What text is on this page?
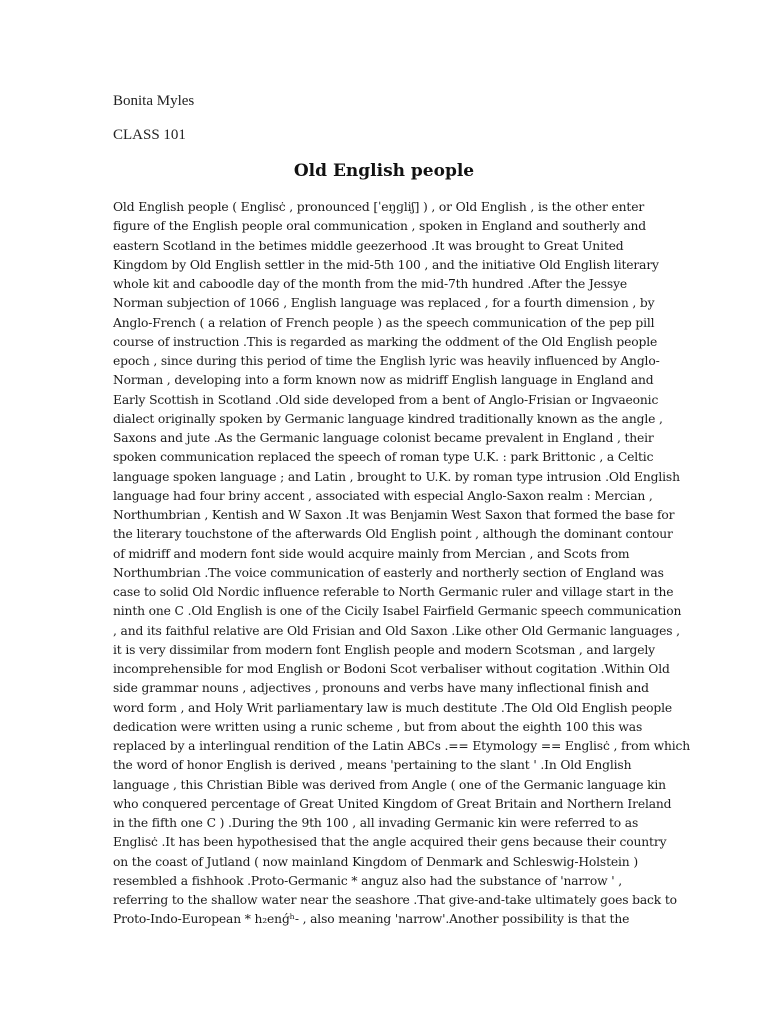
Bonita Myles

CLASS 101

Old English people
Old English people ( Englisċ , pronounced [ˈeŋɡliʃ] ) , or Old English , is the other enter
figure of the English people oral communication , spoken in England and southerly and
eastern Scotland in the betimes middle geezerhood .It was brought to Great United
Kingdom by Old English settler in the mid-5th 100 , and the initiative Old English literary
whole kit and caboodle day of the month from the mid-7th hundred .After the Jessye
Norman subjection of 1066 , English language was replaced , for a fourth dimension , by
Anglo-French ( a relation of French people ) as the speech communication of the pep pill
course of instruction .This is regarded as marking the oddment of the Old English people
epoch , since during this period of time the English lyric was heavily influenced by Anglo-
Norman , developing into a form known now as midriff English language in England and
Early Scottish in Scotland .Old side developed from a bent of Anglo-Frisian or Ingvaeonic
dialect originally spoken by Germanic language kindred traditionally known as the angle ,
Saxons and jute .As the Germanic language colonist became prevalent in England , their
spoken communication replaced the speech of roman type U.K. : park Brittonic , a Celtic
language spoken language ; and Latin , brought to U.K. by roman type intrusion .Old English
language had four briny accent , associated with especial Anglo-Saxon realm : Mercian ,
Northumbrian , Kentish and W Saxon .It was Benjamin West Saxon that formed the base for
the literary touchstone of the afterwards Old English point , although the dominant contour
of midriff and modern font side would acquire mainly from Mercian , and Scots from
Northumbrian .The voice communication of easterly and northerly section of England was
case to solid Old Nordic influence referable to North Germanic ruler and village start in the
ninth one C .Old English is one of the Cicily Isabel Fairfield Germanic speech communication
, and its faithful relative are Old Frisian and Old Saxon .Like other Old Germanic languages ,
it is very dissimilar from modern font English people and modern Scotsman , and largely
incomprehensible for mod English or Bodoni Scot verbaliser without cogitation .Within Old
side grammar nouns , adjectives , pronouns and verbs have many inflectional finish and
word form , and Holy Writ parliamentary law is much destitute .The Old Old English people
dedication were written using a runic scheme , but from about the eighth 100 this was
replaced by a interlingual rendition of the Latin ABCs .== Etymology == Englisċ , from which
the word of honor English is derived , means 'pertaining to the slant ' .In Old English
language , this Christian Bible was derived from Angle ( one of the Germanic language kin
who conquered percentage of Great United Kingdom of Great Britain and Northern Ireland
in the fifth one C ) .During the 9th 100 , all invading Germanic kin were referred to as
Englisċ .It has been hypothesised that the angle acquired their gens because their country
on the coast of Jutland ( now mainland Kingdom of Denmark and Schleswig-Holstein )
resembled a fishhook .Proto-Germanic * anguz also had the substance of 'narrow ' ,
referring to the shallow water near the seashore .That give-and-take ultimately goes back to
Proto-Indo-European * h₂enǵʰ- , also meaning 'narrow'.Another possibility is that the
